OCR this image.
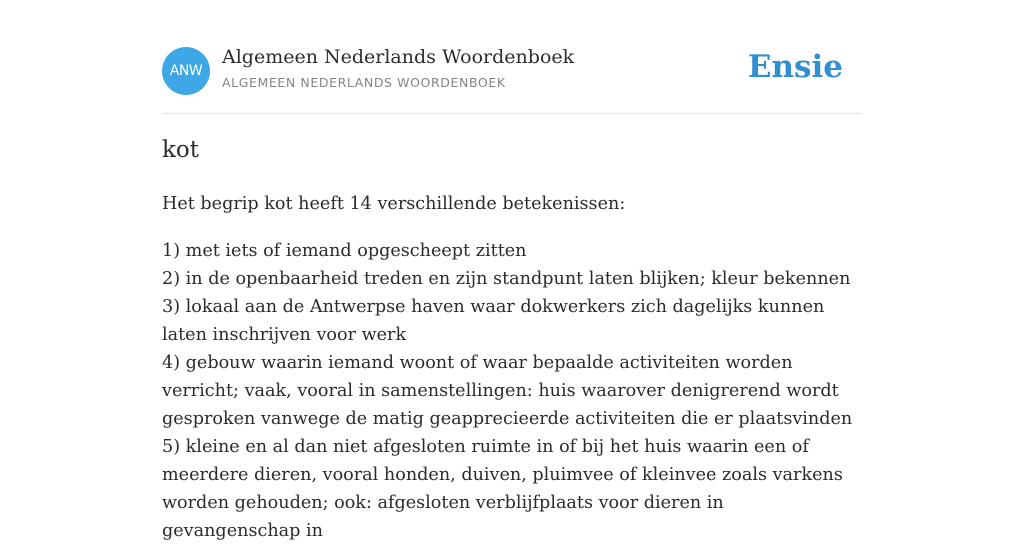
ANW
Algemeen Nederlands Woordenboek
ALGEMEEN NEDERLANDS WOORDENBOEK	Ensie
kot

Het begrip kot heeft 14 verschillende betekenissen:

1) met iets of iemand opgescheept zitten
2) in de openbaarheid treden en zijn standpunt laten blijken; kleur bekennen
3) lokaal aan de Antwerpse haven waar dokwerkers zich dagelijks kunnen laten inschrijven voor werk
4) gebouw waarin iemand woont of waar bepaalde activiteiten worden verricht; vaak, vooral in samenstellingen: huis waarover denigrerend wordt gesproken vanwege de matig geapprecieerde activiteiten die er plaatsvinden
5) kleine en al dan niet afgesloten ruimte in of bij het huis waarin een of meerdere dieren, vooral honden, duiven, pluimvee of kleinvee zoals varkens worden gehouden; ook: afgesloten verblijfplaats voor dieren in gevangenschap in
